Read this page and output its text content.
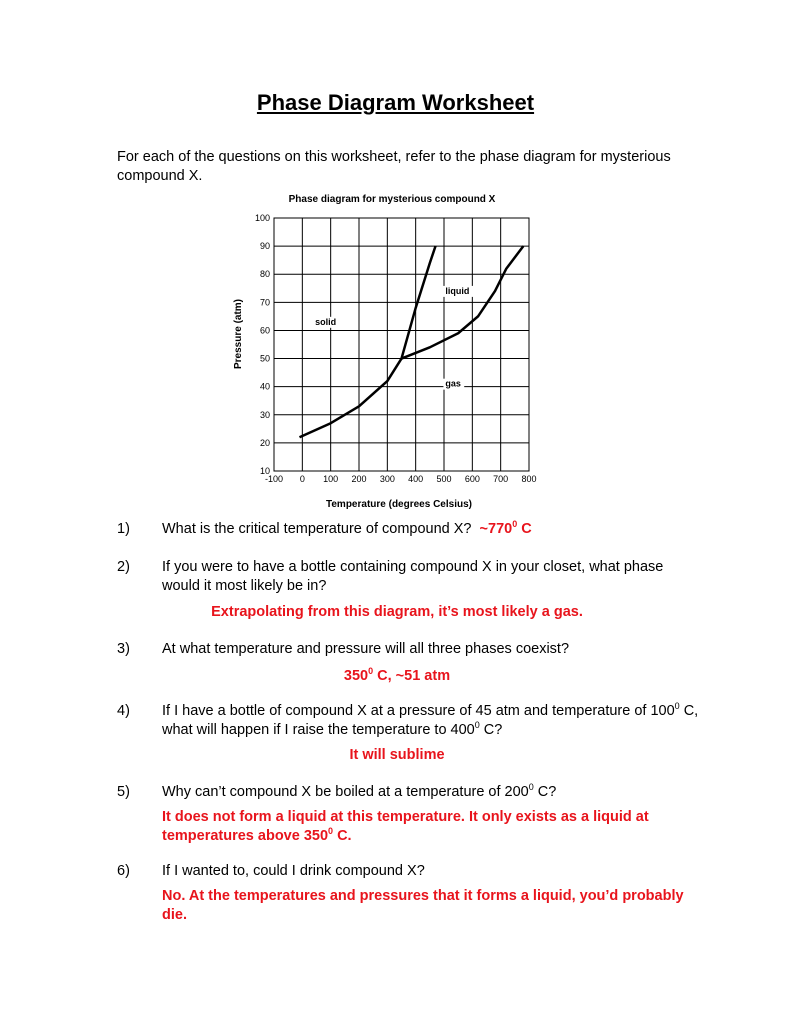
Phase Diagram Worksheet

For each of the questions on this worksheet, refer to the phase diagram for mysterious compound X.

Phase diagram for mysterious compound X
-100 0 100 200 300 400 500 600 700 800
10
20
30
40
50
60
70
80
90
100
solid
liquid
gas
Temperature (degrees Celsius)
Pressure (atm)
1) What is the critical temperature of compound X? $\sim 770^0$ C
2) If you were to have a bottle containing compound X in your closet, what phase would it most likely be in?
Extrapolating from this diagram, it’s most likely a gas.
3) At what temperature and pressure will all three phases coexist?
$350^0$ C, ~51 atm
4) If I have a bottle of compound X at a pressure of 45 atm and temperature of $100^0$ C, what will happen if I raise the temperature to $400^0$ C?
It will sublime
5) Why can’t compound X be boiled at a temperature of $200^0$ C?
It does not form a liquid at this temperature. It only exists as a liquid at temperatures above $350^0$ C.
6) If I wanted to, could I drink compound X?
No. At the temperatures and pressures that it forms a liquid, you’d probably die.
